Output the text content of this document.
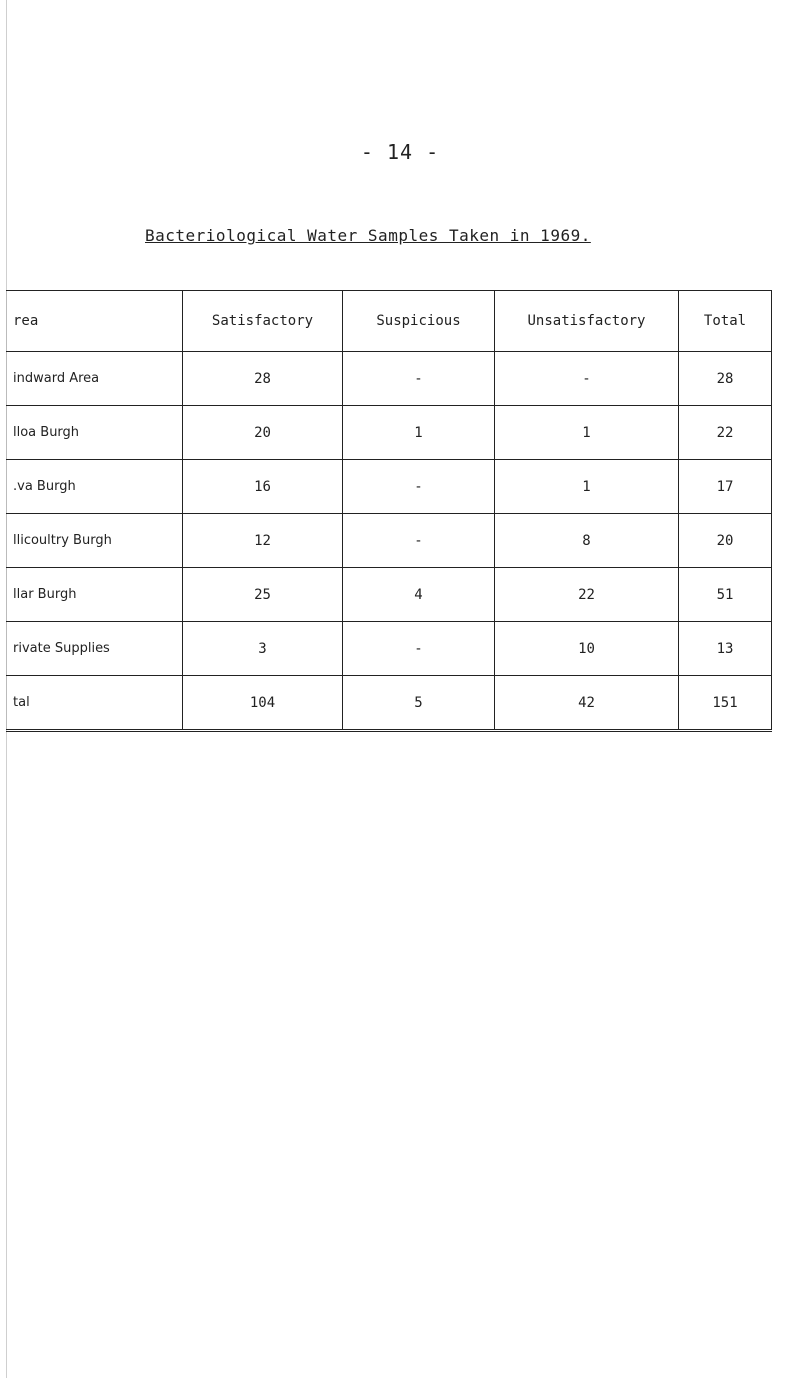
- 14 -
Bacteriological Water Samples Taken in 1969.
rea	Satisfactory	Suspicious	Unsatisfactory	Total
indward Area	28	-	-	28
lloa Burgh	20	1	1	22
.va Burgh	16	-	1	17
llicoultry Burgh	12	-	8	20
llar Burgh	25	4	22	51
rivate Supplies	3	-	10	13
tal	104	5	42	151
